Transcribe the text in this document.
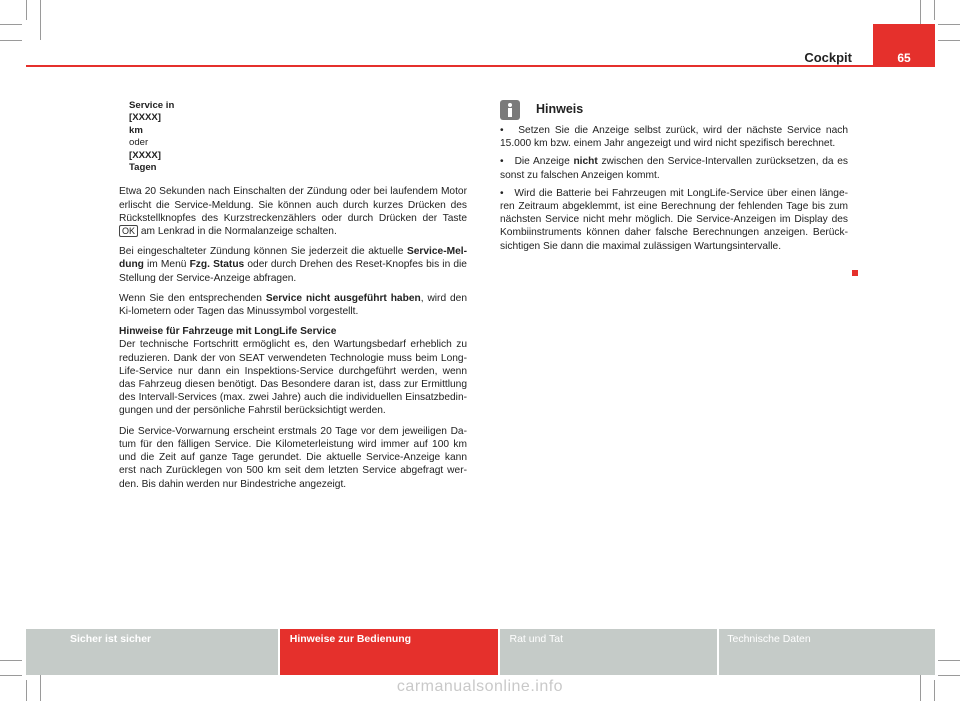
Cockpit	65
Service in
[XXXX]
km
oder
[XXXX]
Tagen

Etwa 20 Sekunden nach Einschalten der Zündung oder bei laufendem Motor erlischt die Service-Meldung. Sie können auch durch kurzes Drücken des Rückstellknopfes des Kurzstreckenzählers oder durch Drücken der Taste OK am Lenkrad in die Normalanzeige schalten.

Bei eingeschalteter Zündung können Sie jederzeit die aktuelle Service-Mel-dung im Menü Fzg. Status oder durch Drehen des Reset-Knopfes bis in die Stellung der Service-Anzeige abfragen.

Wenn Sie den entsprechenden Service nicht ausgeführt haben, wird den Ki-lometern oder Tagen das Minussymbol vorgestellt.

Hinweise für Fahrzeuge mit LongLife Service

Der technische Fortschritt ermöglicht es, den Wartungsbedarf erheblich zu reduzieren. Dank der von SEAT verwendeten Technologie muss beim Long-Life-Service nur dann ein Inspektions-Service durchgeführt werden, wenn das Fahrzeug diesen benötigt. Das Besondere daran ist, dass zur Ermittlung des Intervall-Services (max. zwei Jahre) auch die individuellen Einsatzbedin-gungen und der persönliche Fahrstil berücksichtigt werden.

Die Service-Vorwarnung erscheint erstmals 20 Tage vor dem jeweiligen Da-tum für den fälligen Service. Die Kilometerleistung wird immer auf 100 km und die Zeit auf ganze Tage gerundet. Die aktuelle Service-Anzeige kann erst nach Zurücklegen von 500 km seit dem letzten Service abgefragt wer-den. Bis dahin werden nur Bindestriche angezeigt.

Hinweis

•   Setzen Sie die Anzeige selbst zurück, wird der nächste Service nach 15.000 km bzw. einem Jahr angezeigt und wird nicht spezifisch berechnet.

•   Die Anzeige nicht zwischen den Service-Intervallen zurücksetzen, da es sonst zu falschen Anzeigen kommt.

•   Wird die Batterie bei Fahrzeugen mit LongLife-Service über einen länge-ren Zeitraum abgeklemmt, ist eine Berechnung der fehlenden Tage bis zum nächsten Service nicht mehr möglich. Die Service-Anzeigen im Display des Kombiinstruments können daher falsche Berechnungen anzeigen. Berück-sichtigen Sie dann die maximal zulässigen Wartungsintervalle.

Sicher ist sicher	Hinweise zur Bedienung	Rat und Tat	Technische Daten
carmanualsonline.info
